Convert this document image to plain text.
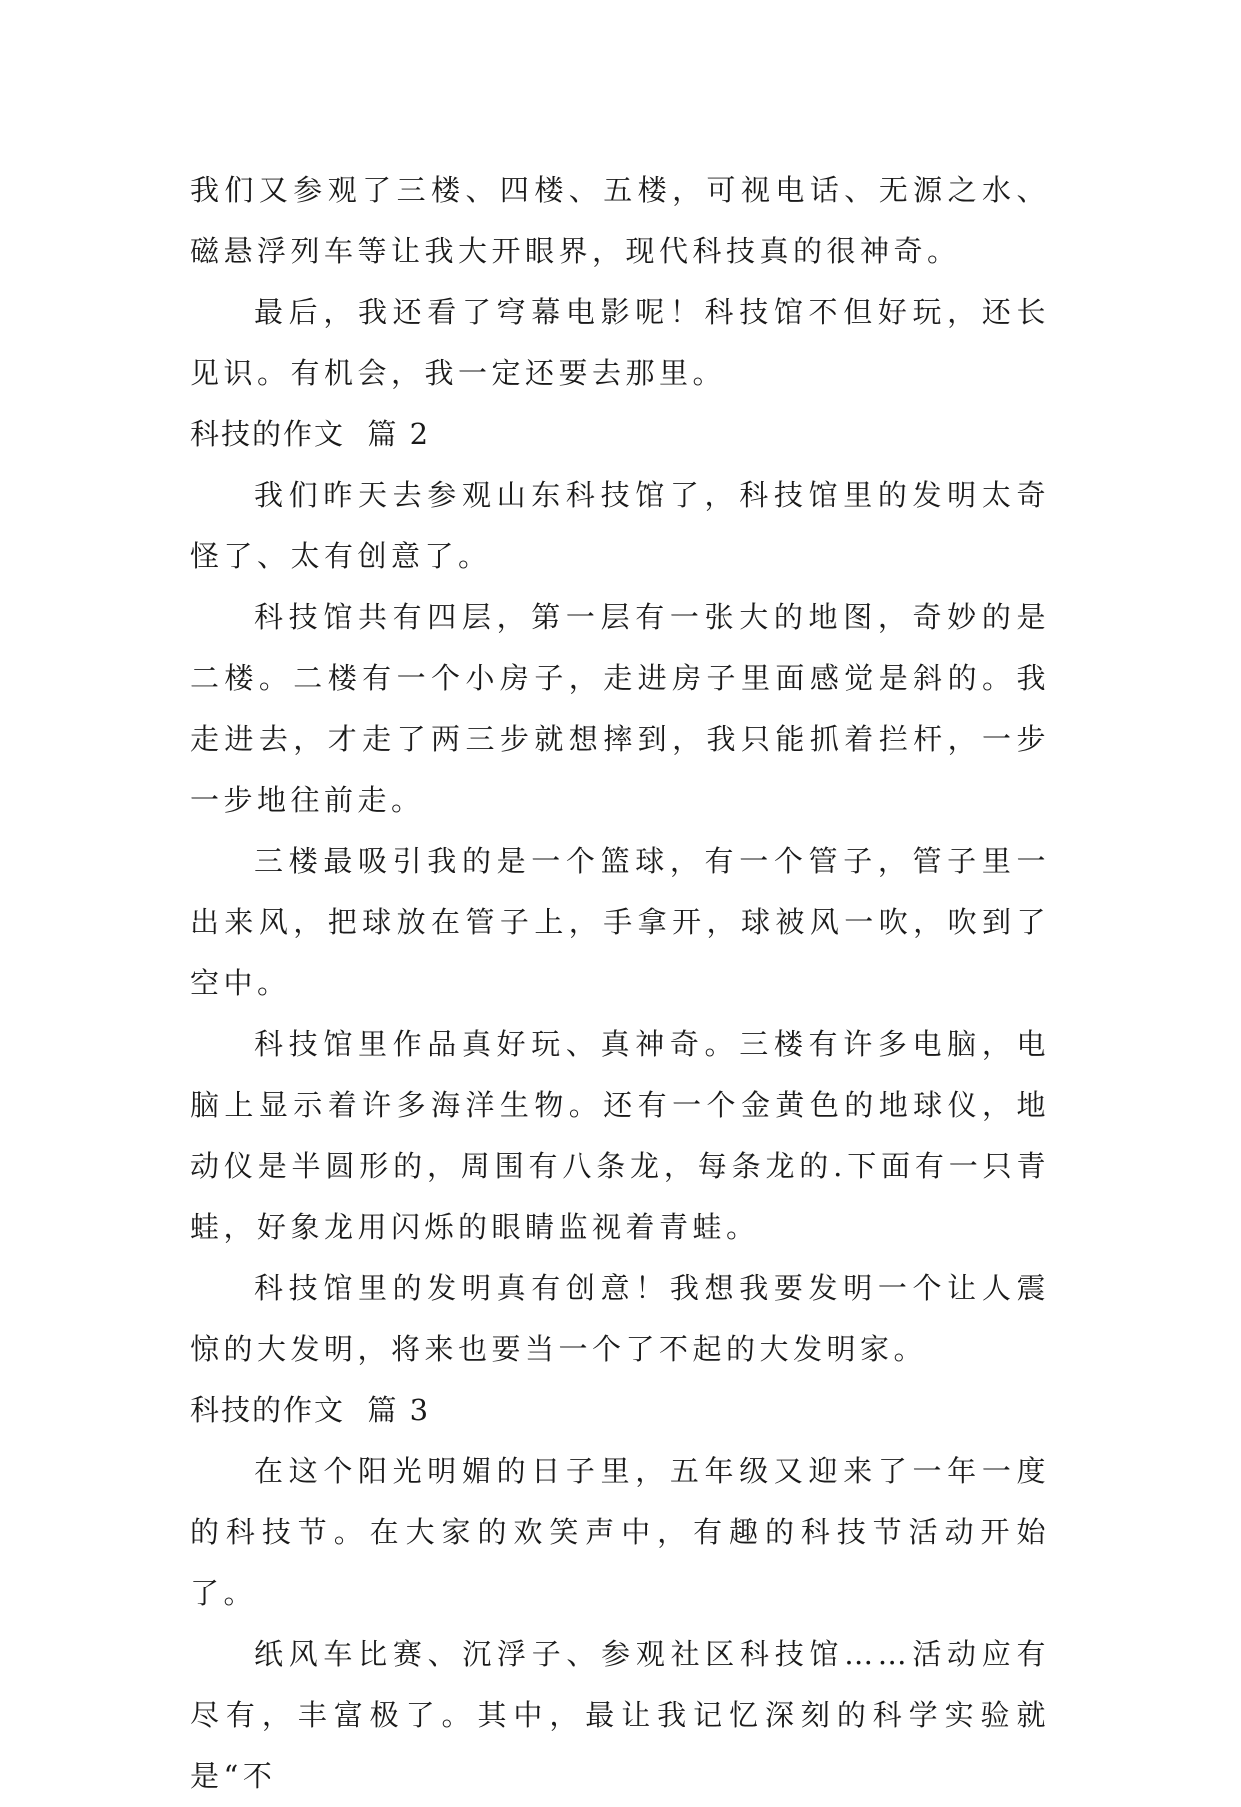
我们又参观了三楼、四楼、五楼，可视电话、无源之水、磁悬浮列车等让我大开眼界，现代科技真的很神奇。

最后，我还看了穹幕电影呢！科技馆不但好玩，还长见识。有机会，我一定还要去那里。

科技的作文  篇 2

我们昨天去参观山东科技馆了，科技馆里的发明太奇怪了、太有创意了。

科技馆共有四层，第一层有一张大的地图，奇妙的是二楼。二楼有一个小房子，走进房子里面感觉是斜的。我走进去，才走了两三步就想摔到，我只能抓着拦杆，一步一步地往前走。

三楼最吸引我的是一个篮球，有一个管子，管子里一出来风，把球放在管子上，手拿开，球被风一吹，吹到了空中。

科技馆里作品真好玩、真神奇。三楼有许多电脑，电脑上显示着许多海洋生物。还有一个金黄色的地球仪，地动仪是半圆形的，周围有八条龙，每条龙的.下面有一只青蛙，好象龙用闪烁的眼睛监视着青蛙。

科技馆里的发明真有创意！我想我要发明一个让人震惊的大发明，将来也要当一个了不起的大发明家。

科技的作文  篇 3

在这个阳光明媚的日子里，五年级又迎来了一年一度的科技节。在大家的欢笑声中，有趣的科技节活动开始了。

纸风车比赛、沉浮子、参观社区科技馆……活动应有尽有，丰富极了。其中，最让我记忆深刻的科学实验就是“不
